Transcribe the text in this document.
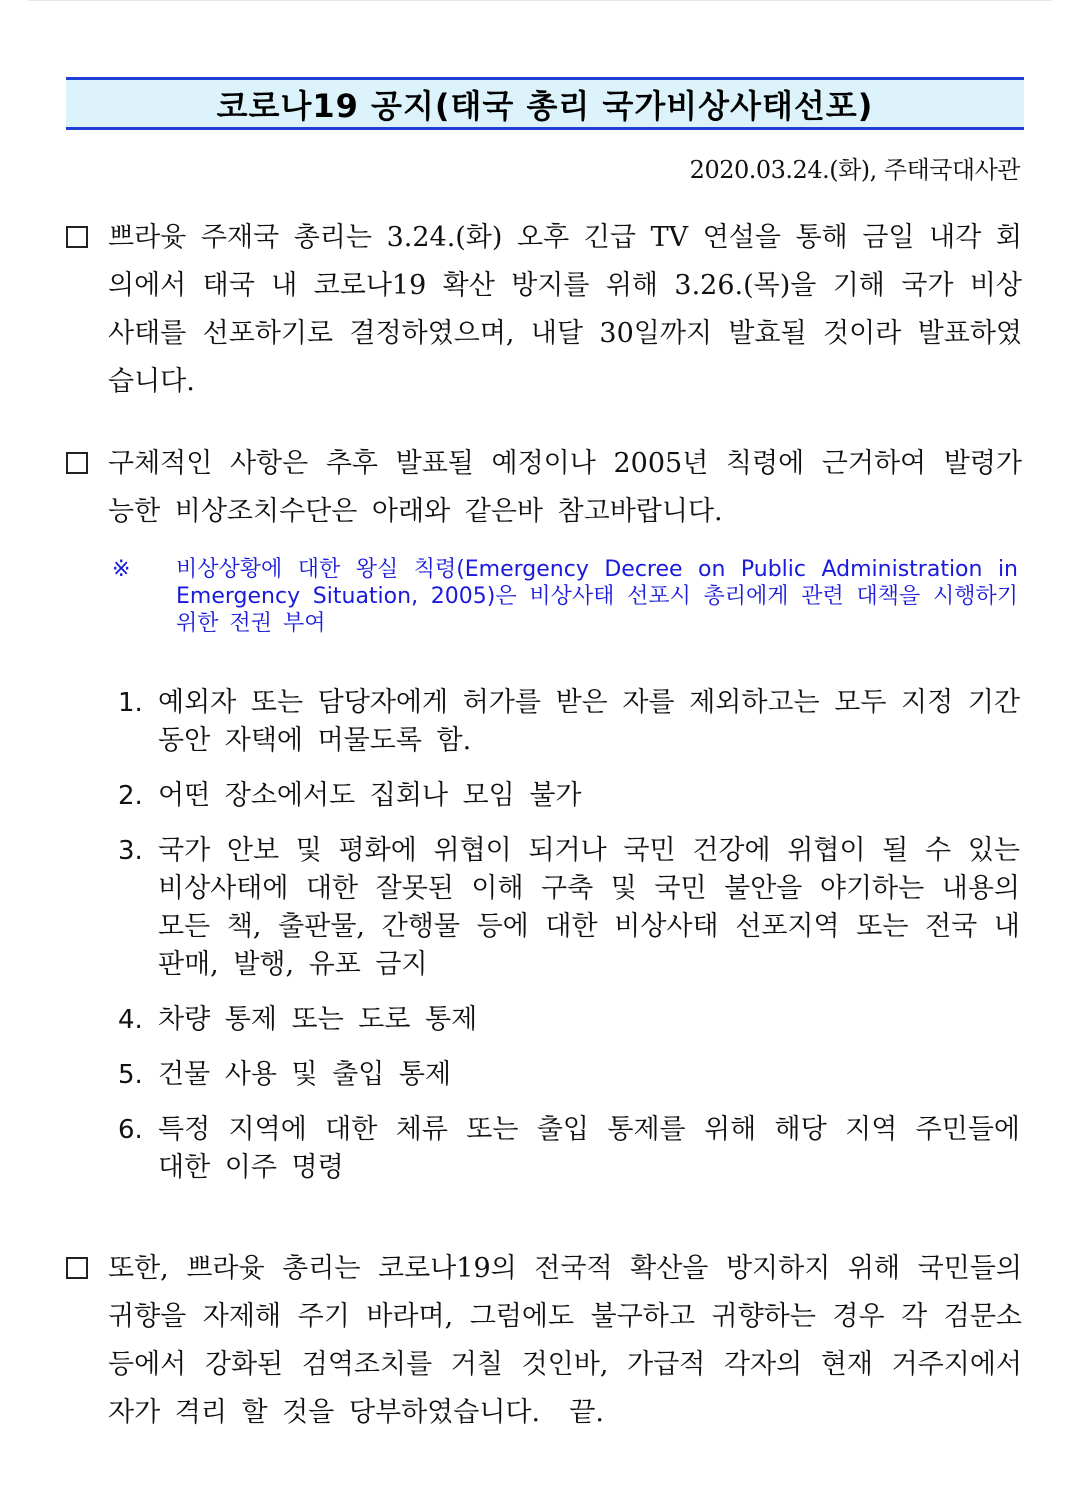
코로나19 공지(태국 총리 국가비상사태선포)
2020.03.24.(화), 주태국대사관
쁘라윳 주재국 총리는 3.24.(화) 오후 긴급 TV 연설을 통해 금일 내각 회의에서 태국 내 코로나19 확산 방지를 위해 3.26.(목)을 기해 국가 비상사태를 선포하기로 결정하였으며, 내달 30일까지 발효될 것이라 발표하였습니다.
구체적인 사항은 추후 발표될 예정이나 2005년 칙령에 근거하여 발령가능한 비상조치수단은 아래와 같은바 참고바랍니다.
※	비상상황에 대한 왕실 칙령(Emergency Decree on Public Administration in Emergency Situation, 2005)은 비상사태 선포시 총리에게 관련 대책을 시행하기 위한 전권 부여
1. 예외자 또는 담당자에게 허가를 받은 자를 제외하고는 모두 지정 기간 동안 자택에 머물도록 함.
2. 어떤 장소에서도 집회나 모임 불가
3. 국가 안보 및 평화에 위협이 되거나 국민 건강에 위협이 될 수 있는 비상사태에 대한 잘못된 이해 구축 및 국민 불안을 야기하는 내용의 모든 책, 출판물, 간행물 등에 대한 비상사태 선포지역 또는 전국 내 판매, 발행, 유포 금지
4. 차량 통제 또는 도로 통제
5. 건물 사용 및 출입 통제
6. 특정 지역에 대한 체류 또는 출입 통제를 위해 해당 지역 주민들에 대한 이주 명령
또한, 쁘라윳 총리는 코로나19의 전국적 확산을 방지하지 위해 국민들의 귀향을 자제해 주기 바라며, 그럼에도 불구하고 귀향하는 경우 각 검문소 등에서 강화된 검역조치를 거칠 것인바, 가급적 각자의 현재 거주지에서 자가 격리 할 것을 당부하였습니다. 끝.
